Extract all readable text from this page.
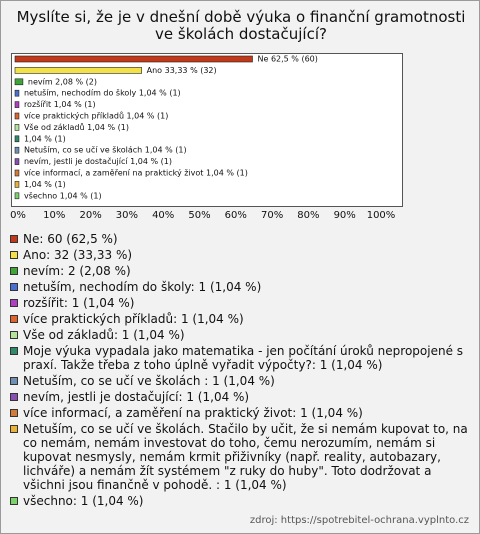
Myslíte si, že je v dnešní době výuka o finanční gramotnosti ve školách dostačující?
Ne 62,5 % (60)
Ano 33,33 % (32)
nevím 2,08 % (2)
netuším, nechodím do školy 1,04 % (1)
rozšířit 1,04 % (1)
více praktických příkladů 1,04 % (1)
Vše od základů 1,04 % (1)
1,04 % (1)
Netuším, co se učí ve školách 1,04 % (1)
nevím, jestli je dostačující 1,04 % (1)
více informací, a zaměření na praktický život 1,04 % (1)
1,04 % (1)
všechno 1,04 % (1)
0%	10%	20%	30%	40%	50%	60%	70%	80%	90%	100%
Ne: 60 (62,5 %)
Ano: 32 (33,33 %)
nevím: 2 (2,08 %)
netuším, nechodím do školy: 1 (1,04 %)
rozšířit: 1 (1,04 %)
více praktických příkladů: 1 (1,04 %)
Vše od základů: 1 (1,04 %)
Moje výuka vypadala jako matematika - jen počítání úroků nepropojené s praxí. Takže třeba z toho úplně vyřadit výpočty?: 1 (1,04 %)
Netuším, co se učí ve školách : 1 (1,04 %)
nevím, jestli je dostačující: 1 (1,04 %)
více informací, a zaměření na praktický život: 1 (1,04 %)
Netuším, co se učí ve školách. Stačilo by učit, že si nemám kupovat to, na co nemám, nemám investovat do toho, čemu nerozumím, nemám si kupovat nesmysly, nemám krmit přiživníky (např. reality, autobazary, lichváře) a nemám žít systémem "z ruky do huby". Toto dodržovat a všichni jsou finančně v pohodě. : 1 (1,04 %)
všechno: 1 (1,04 %)
zdroj: https://spotrebitel-ochrana.vyplnto.cz
